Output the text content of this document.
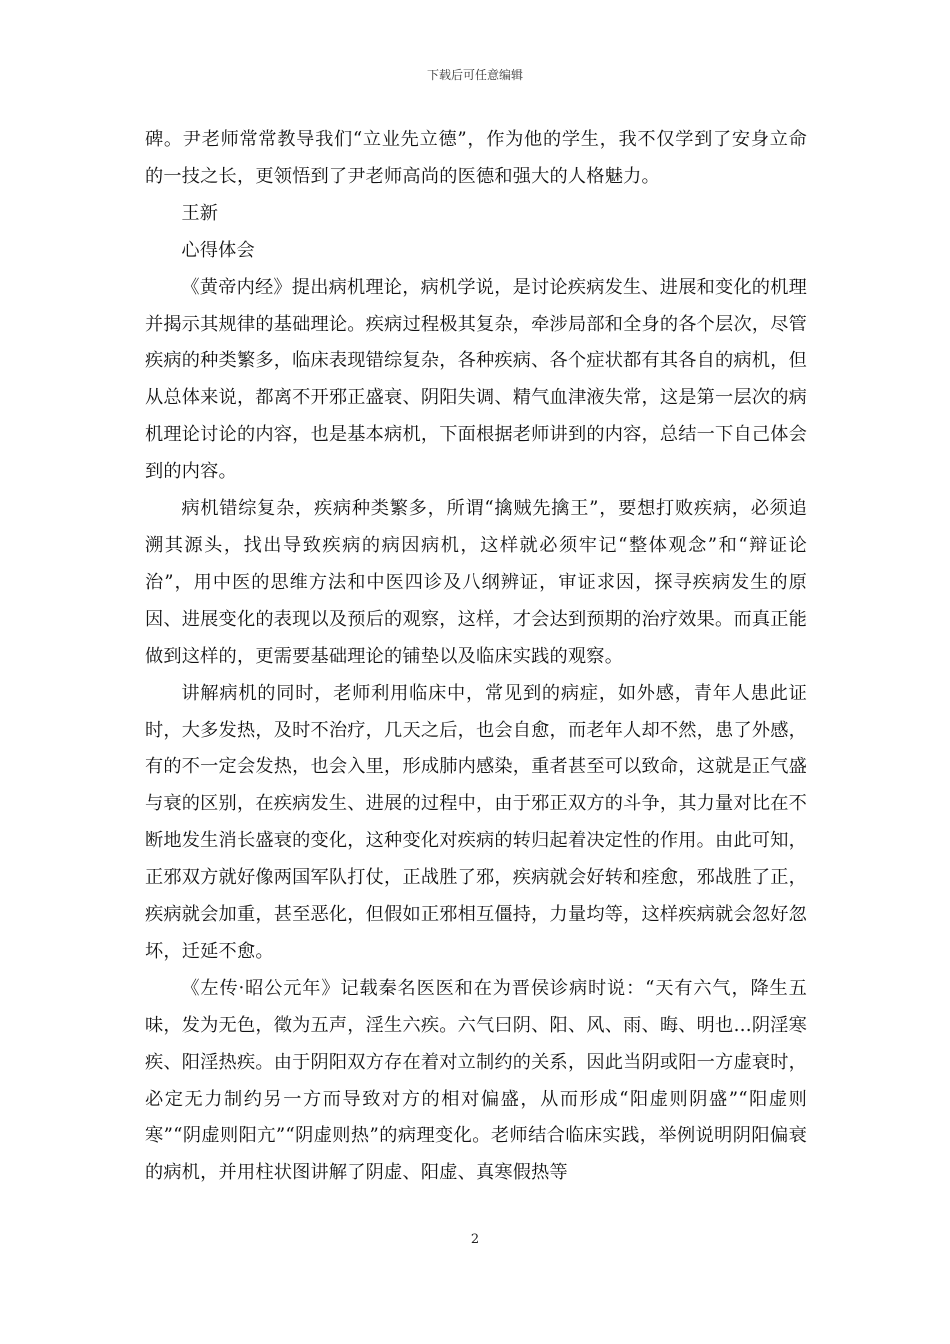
下载后可任意编辑

碑。尹老师常常教导我们“立业先立德”，作为他的学生，我不仅学到了安身立命的一技之长，更领悟到了尹老师高尚的医德和强大的人格魅力。

王新

心得体会

《黄帝内经》提出病机理论，病机学说，是讨论疾病发生、进展和变化的机理并揭示其规律的基础理论。疾病过程极其复杂，牵涉局部和全身的各个层次，尽管疾病的种类繁多，临床表现错综复杂，各种疾病、各个症状都有其各自的病机，但从总体来说，都离不开邪正盛衰、阴阳失调、精气血津液失常，这是第一层次的病机理论讨论的内容，也是基本病机，下面根据老师讲到的内容，总结一下自己体会到的内容。

病机错综复杂，疾病种类繁多，所谓“擒贼先擒王”，要想打败疾病，必须追溯其源头，找出导致疾病的病因病机，这样就必须牢记“整体观念”和“辩证论治”，用中医的思维方法和中医四诊及八纲辨证，审证求因，探寻疾病发生的原因、进展变化的表现以及预后的观察，这样，才会达到预期的治疗效果。而真正能做到这样的，更需要基础理论的铺垫以及临床实践的观察。

讲解病机的同时，老师利用临床中，常见到的病症，如外感，青年人患此证时，大多发热，及时不治疗，几天之后，也会自愈，而老年人却不然，患了外感，有的不一定会发热，也会入里，形成肺内感染，重者甚至可以致命，这就是正气盛与衰的区别，在疾病发生、进展的过程中，由于邪正双方的斗争，其力量对比在不断地发生消长盛衰的变化，这种变化对疾病的转归起着决定性的作用。由此可知，正邪双方就好像两国军队打仗，正战胜了邪，疾病就会好转和痊愈，邪战胜了正，疾病就会加重，甚至恶化，但假如正邪相互僵持，力量均等，这样疾病就会忽好忽坏，迁延不愈。

《左传·昭公元年》记载秦名医医和在为晋侯诊病时说：“天有六气，降生五味，发为无色，徵为五声，淫生六疾。六气曰阴、阳、风、雨、晦、明也…阴淫寒疾、阳淫热疾。由于阴阳双方存在着对立制约的关系，因此当阴或阳一方虚衰时，必定无力制约另一方而导致对方的相对偏盛，从而形成“阳虚则阴盛”“阳虚则寒”“阴虚则阳亢”“阴虚则热”的病理变化。老师结合临床实践，举例说明阴阳偏衰的病机，并用柱状图讲解了阴虚、阳虚、真寒假热等

2
